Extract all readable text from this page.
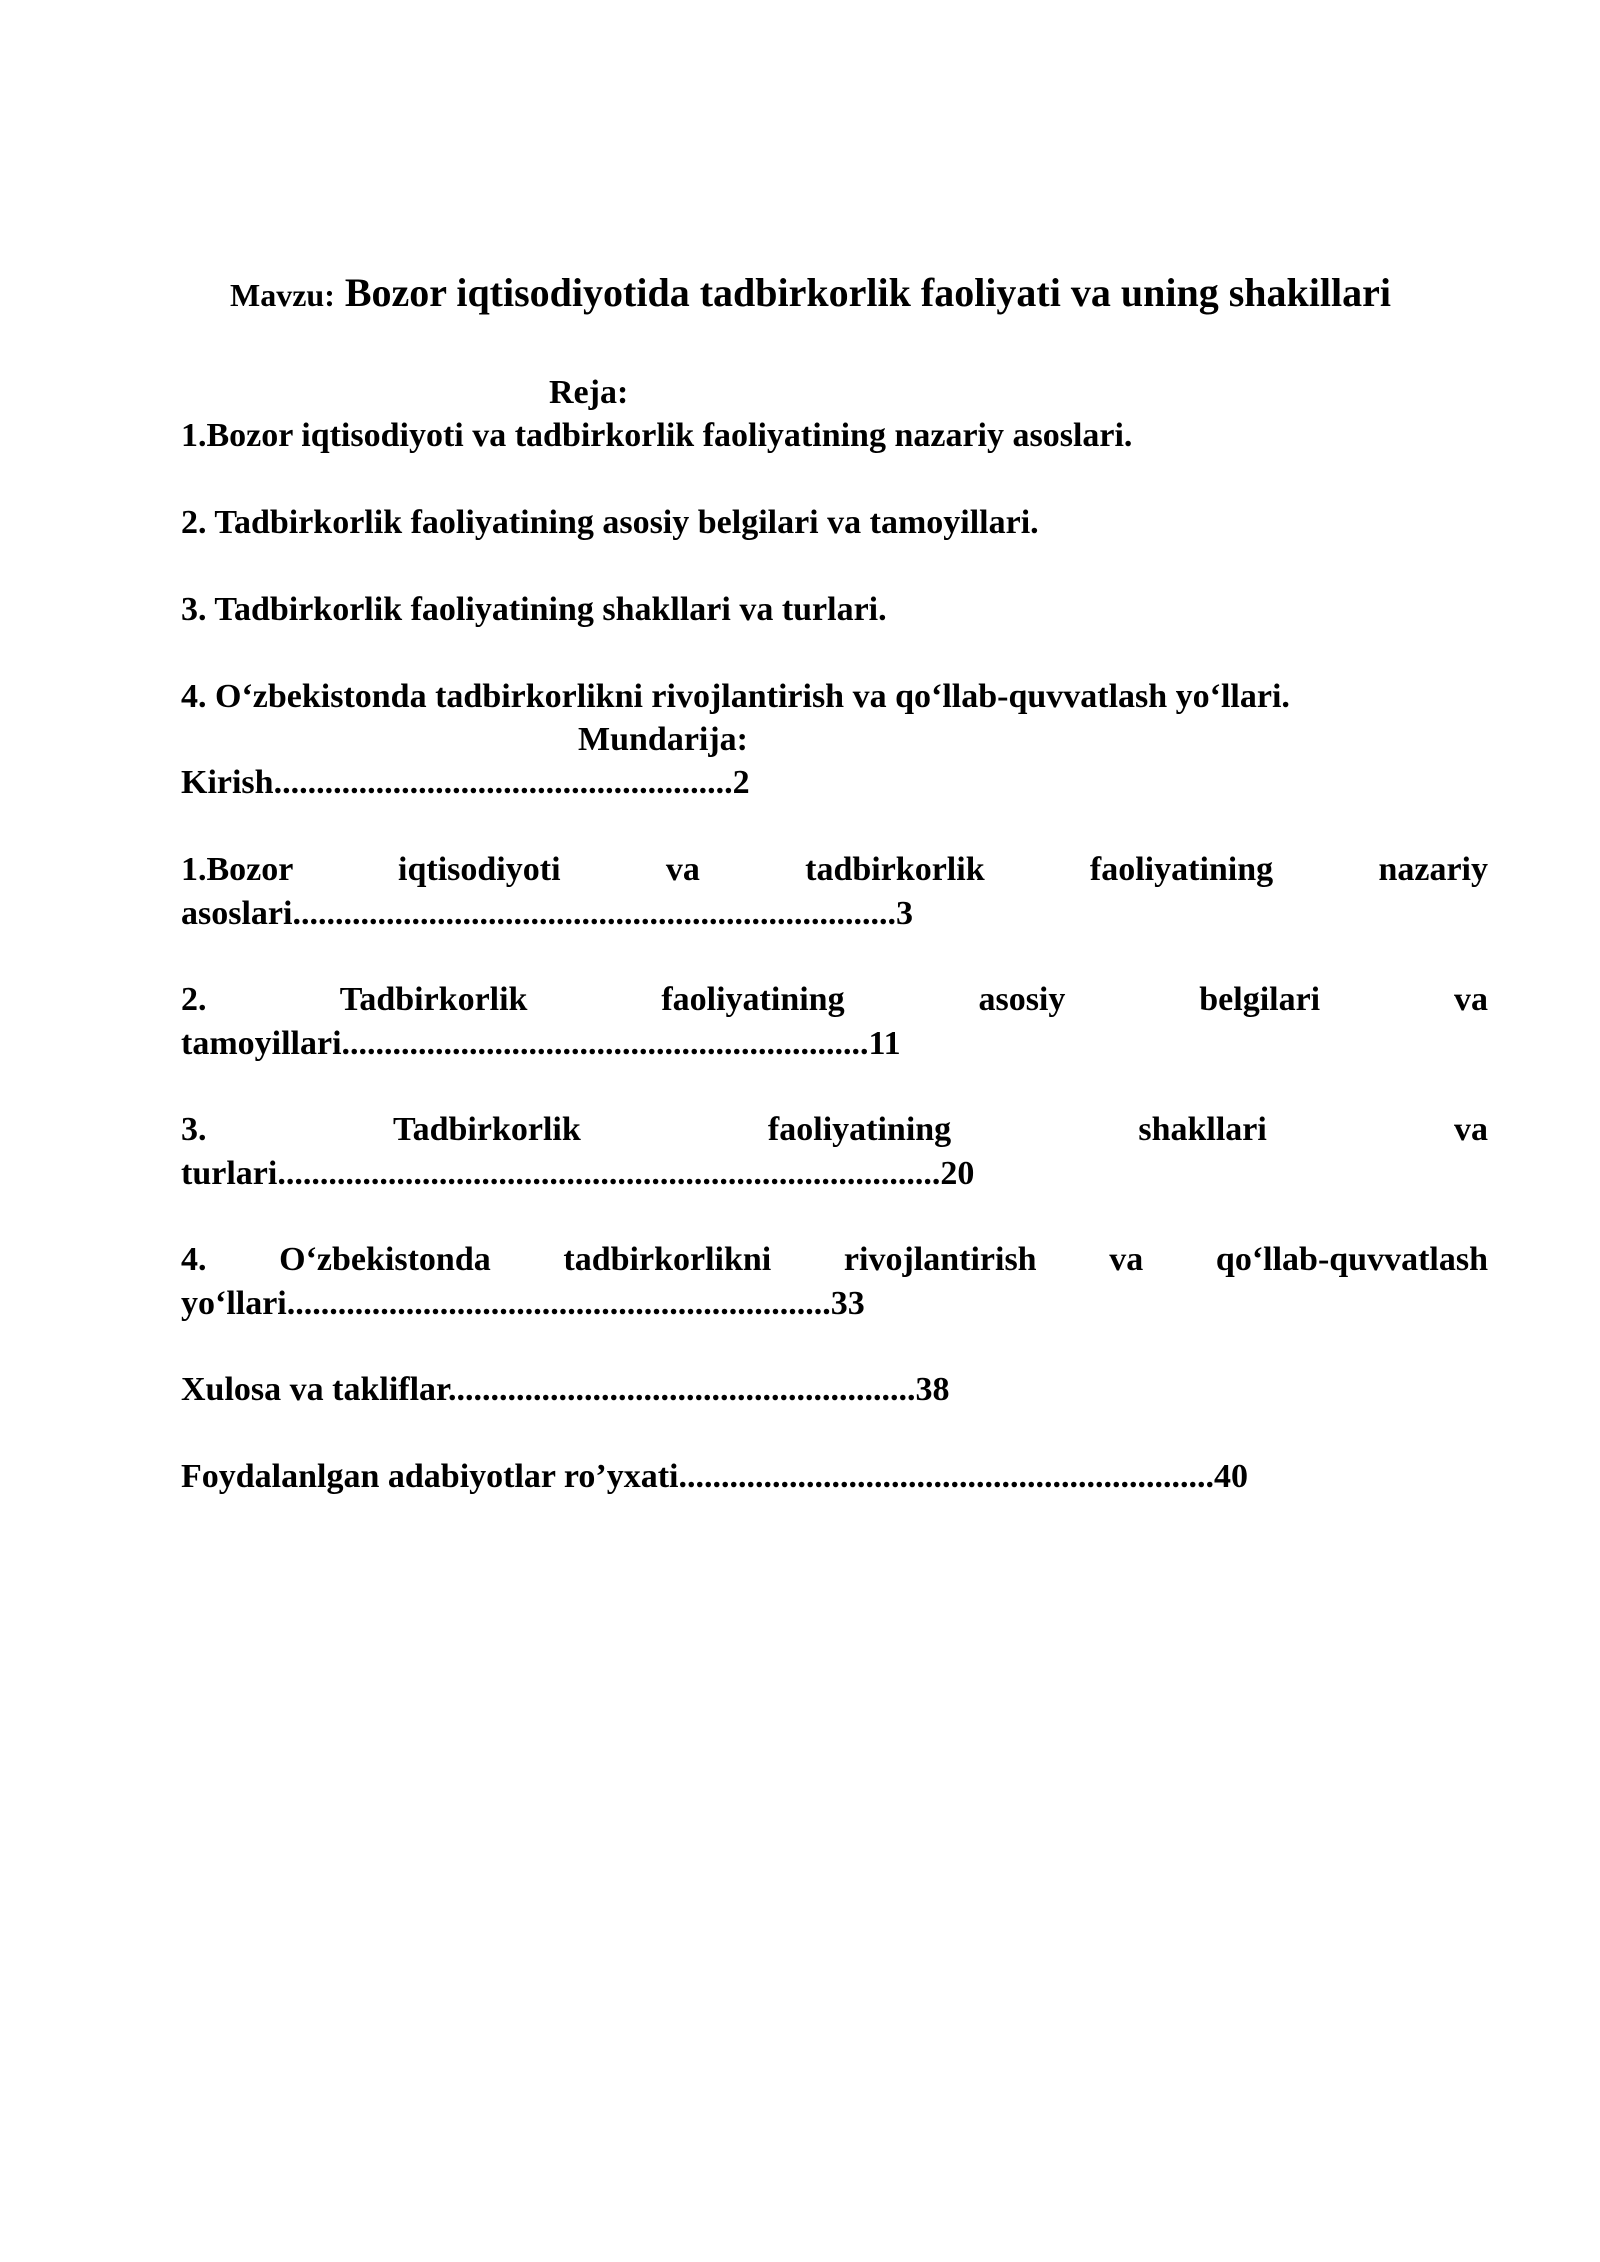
Mavzu: Bozor iqtisodiyotida tadbirkorlik faoliyati va uning shakillari
Reja:
1.Bozor iqtisodiyoti va tadbirkorlik faoliyatining nazariy asoslari.
2. Tadbirkorlik faoliyatining asosiy belgilari va tamoyillari.
3. Tadbirkorlik faoliyatining shakllari va turlari.
4. O‘zbekistonda tadbirkorlikni rivojlantirish va qo‘llab-quvvatlash yo‘llari.
Mundarija:
Kirish......................................................2
1.Bozor iqtisodiyoti va tadbirkorlik faoliyatining nazariy asoslari.......................................................................3
2. Tadbirkorlik faoliyatining asosiy belgilari va tamoyillari..............................................................11
3. Tadbirkorlik faoliyatining shakllari va turlari..............................................................................20
4. O‘zbekistonda tadbirkorlikni rivojlantirish va qo‘llab-quvvatlash yo‘llari................................................................33
Xulosa va takliflar.......................................................38
Foydalanlgan adabiyotlar ro’yxati...............................................................40
